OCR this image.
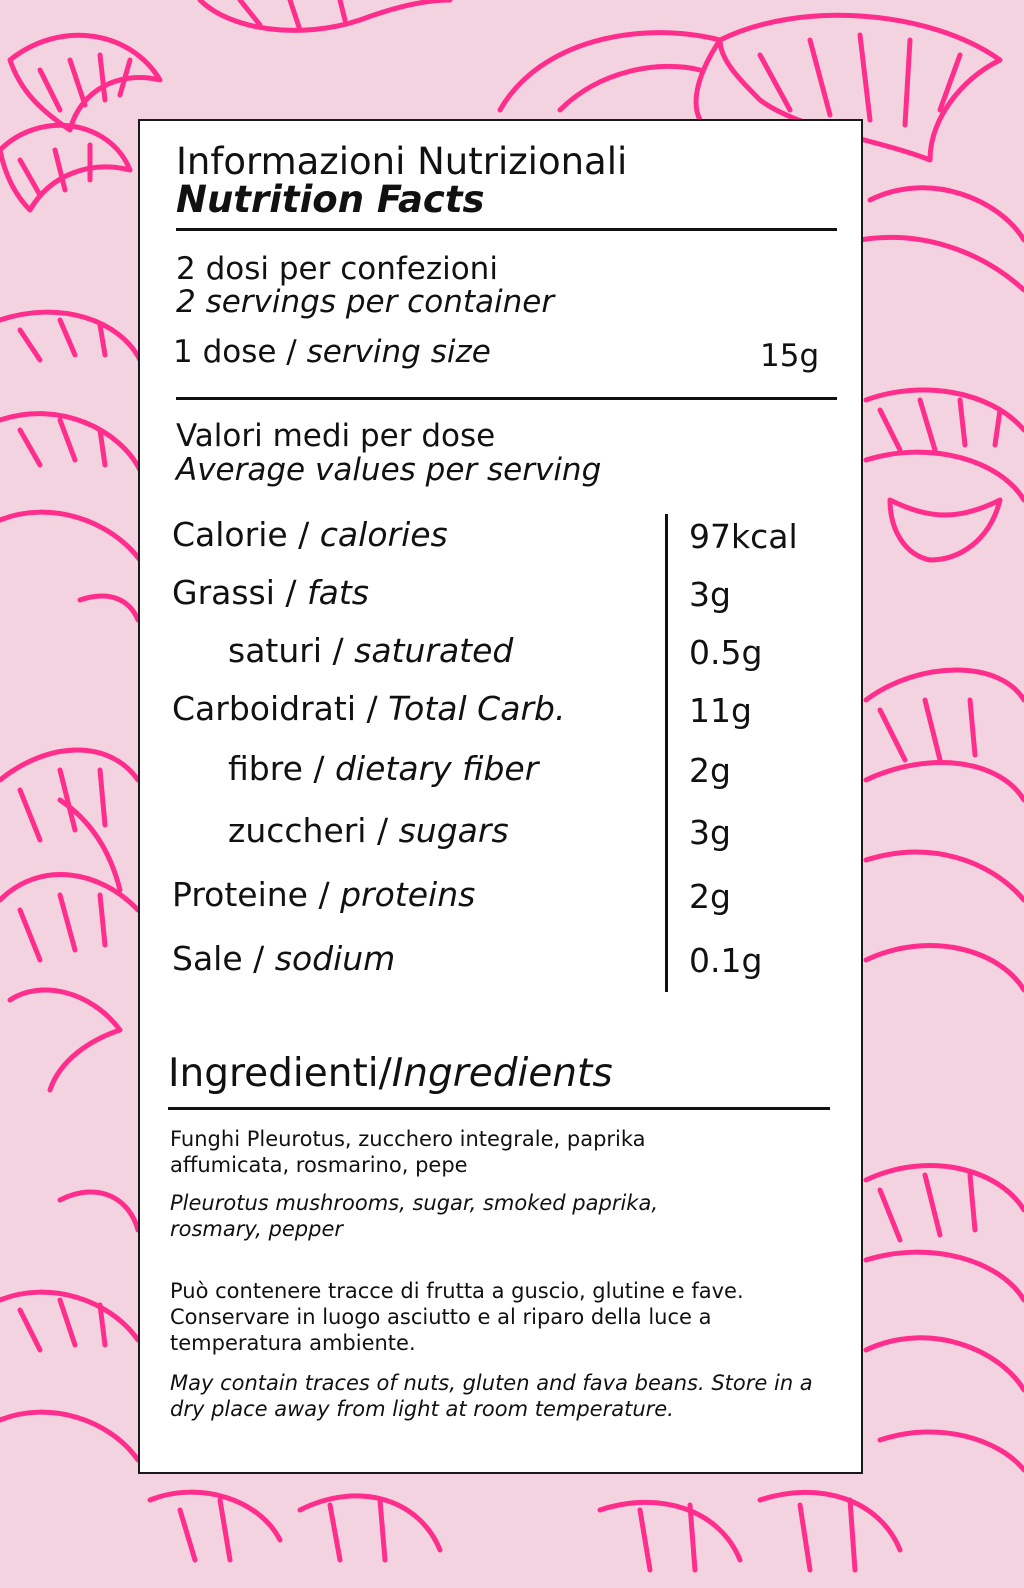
Informazioni Nutrizionali
Nutrition Facts
2 dosi per confezioni
2 servings per container
1 dose / serving size	15g
Valori medi per dose
Average values per serving
Calorie / calories	97kcal
Grassi / fats	3g
saturi / saturated	0.5g
Carboidrati / Total Carb.	11g
fibre / dietary fiber	2g
zuccheri / sugars	3g
Proteine / proteins	2g
Sale / sodium	0.1g
Ingredienti/Ingredients
Funghi Pleurotus, zucchero integrale, paprika affumicata, rosmarino, pepe
Pleurotus mushrooms, sugar, smoked paprika, rosmary, pepper
Può contenere tracce di frutta a guscio, glutine e fave. Conservare in luogo asciutto e al riparo della luce a temperatura ambiente.
May contain traces of nuts, gluten and fava beans. Store in a dry place away from light at room temperature.
